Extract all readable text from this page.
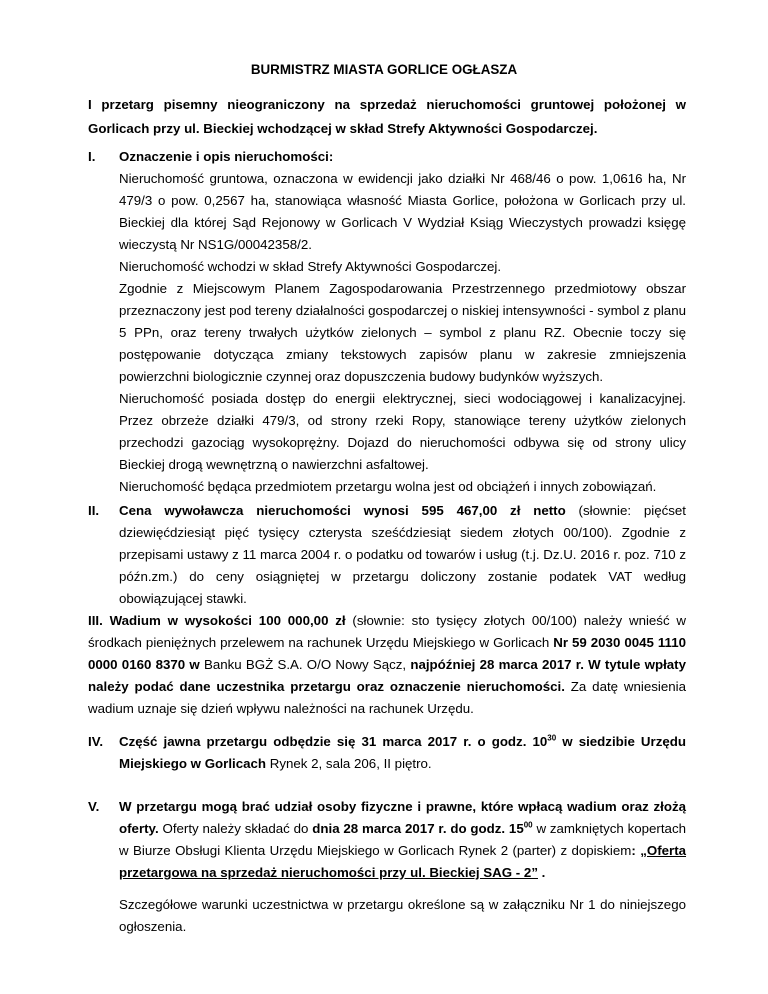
BURMISTRZ MIASTA GORLICE OGŁASZA
I przetarg pisemny nieograniczony na sprzedaż nieruchomości gruntowej położonej w Gorlicach przy ul. Bieckiej wchodzącej w skład Strefy Aktywności Gospodarczej.
I. Oznaczenie i opis nieruchomości:

Nieruchomość gruntowa, oznaczona w ewidencji jako działki Nr 468/46 o pow. 1,0616 ha, Nr 479/3 o pow. 0,2567 ha, stanowiąca własność Miasta Gorlice, położona w Gorlicach przy ul. Bieckiej dla której Sąd Rejonowy w Gorlicach V Wydział Ksiąg Wieczystych prowadzi księgę wieczystą Nr NS1G/00042358/2.

Nieruchomość wchodzi w skład Strefy Aktywności Gospodarczej.

Zgodnie z Miejscowym Planem Zagospodarowania Przestrzennego przedmiotowy obszar przeznaczony jest pod tereny działalności gospodarczej o niskiej intensywności - symbol z planu 5 PPn, oraz tereny trwałych użytków zielonych – symbol z planu RZ. Obecnie toczy się postępowanie dotycząca zmiany tekstowych zapisów planu w zakresie zmniejszenia powierzchni biologicznie czynnej oraz dopuszczenia budowy budynków wyższych.

Nieruchomość posiada dostęp do energii elektrycznej, sieci wodociągowej i kanalizacyjnej. Przez obrzeże działki 479/3, od strony rzeki Ropy, stanowiące tereny użytków zielonych przechodzi gazociąg wysokoprężny. Dojazd do nieruchomości odbywa się od strony ulicy Bieckiej drogą wewnętrzną o nawierzchni asfaltowej.

Nieruchomość będąca przedmiotem przetargu wolna jest od obciążeń i innych zobowiązań.

II. Cena wywoławcza nieruchomości wynosi 595 467,00 zł netto (słownie: pięćset dziewięćdziesiąt pięć tysięcy czterysta sześćdziesiąt siedem złotych 00/100). Zgodnie z przepisami ustawy z 11 marca 2004 r. o podatku od towarów i usług (t.j. Dz.U. 2016 r. poz. 710 z późn.zm.) do ceny osiągniętej w przetargu doliczony zostanie podatek VAT według obowiązującej stawki.

III. Wadium w wysokości 100 000,00 zł (słownie: sto tysięcy złotych 00/100) należy wnieść w środkach pieniężnych przelewem na rachunek Urzędu Miejskiego w Gorlicach Nr 59 2030 0045 1110 0000 0160 8370 w Banku BGŻ S.A. O/O Nowy Sącz, najpóźniej 28 marca 2017 r. W tytule wpłaty należy podać dane uczestnika przetargu oraz oznaczenie nieruchomości. Za datę wniesienia wadium uznaje się dzień wpływu należności na rachunek Urzędu.

IV. Część jawna przetargu odbędzie się 31 marca 2017 r. o godz. $10^{30}$ w siedzibie Urzędu Miejskiego w Gorlicach Rynek 2, sala 206, II piętro.

V. W przetargu mogą brać udział osoby fizyczne i prawne, które wpłacą wadium oraz złożą oferty. Oferty należy składać do dnia 28 marca 2017 r. do godz. $15^{00}$ w zamkniętych kopertach w Biurze Obsługi Klienta Urzędu Miejskiego w Gorlicach Rynek 2 (parter) z dopiskiem: „Oferta przetargowa na sprzedaż nieruchomości przy ul. Bieckiej SAG - 2” .

Szczegółowe warunki uczestnictwa w przetargu określone są w załączniku Nr 1 do niniejszego ogłoszenia.
